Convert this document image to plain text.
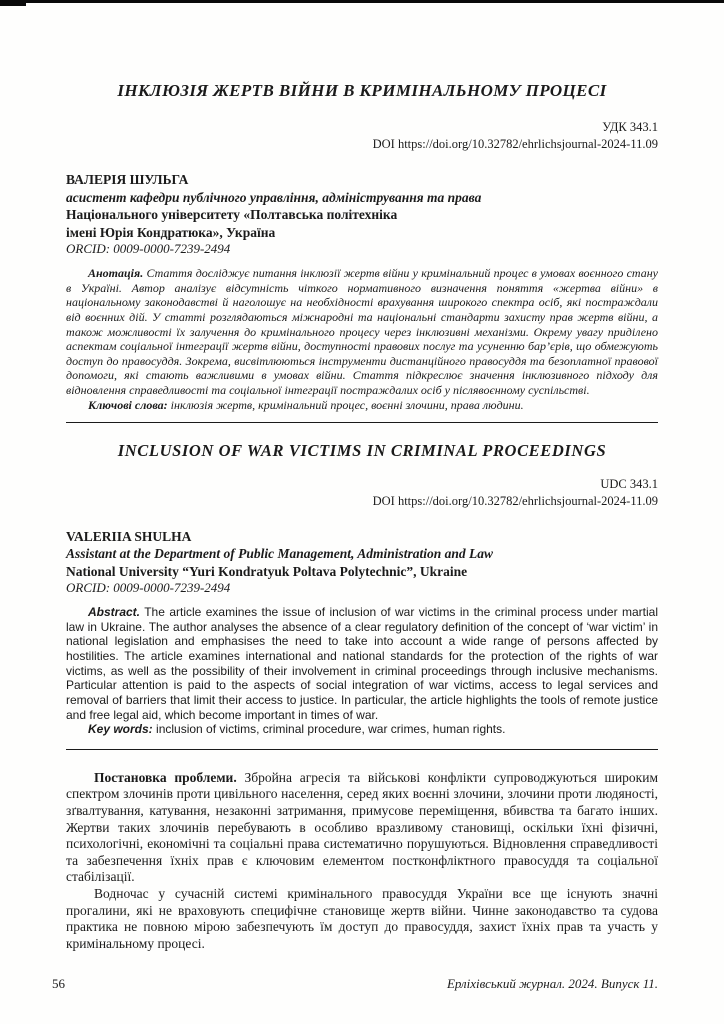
ІНКЛЮЗІЯ ЖЕРТВ ВІЙНИ В КРИМІНАЛЬНОМУ ПРОЦЕСІ
УДК 343.1
DOI https://doi.org/10.32782/ehrlichsjournal-2024-11.09
ВАЛЕРІЯ ШУЛЬГА
асистент кафедри публічного управління, адміністрування та права
Національного університету «Полтавська політехніка
імені Юрія Кондратюка», Україна
ORCID: 0009-0000-7239-2494

Анотація. Стаття досліджує питання інклюзії жертв війни у кримінальний процес в умовах воєнного стану в Україні. Автор аналізує відсутність чіткого нормативного визначення поняття «жертва війни» в національному законодавстві й наголошує на необхідності врахування широкого спектра осіб, які постраждали від воєнних дій. У статті розглядаються міжнародні та національні стандарти захисту прав жертв війни, а також можливості їх залучення до кримінального процесу через інклюзивні механізми. Окрему увагу приділено аспектам соціальної інтеграції жертв війни, доступності правових послуг та усуненню бар’єрів, що обмежують доступ до правосуддя. Зокрема, висвітлюються інструменти дистанційного правосуддя та безоплатної правової допомоги, які стають важливими в умовах війни. Стаття підкреслює значення інклюзивного підходу для відновлення справедливості та соціальної інтеграції постраждалих осіб у післявоєнному суспільстві.

Ключові слова: інклюзія жертв, кримінальний процес, воєнні злочини, права людини.

INCLUSION OF WAR VICTIMS IN CRIMINAL PROCEEDINGS
UDC 343.1
DOI https://doi.org/10.32782/ehrlichsjournal-2024-11.09
VALERIIA SHULHA
Assistant at the Department of Public Management, Administration and Law
National University “Yuri Kondratyuk Poltava Polytechnic”, Ukraine
ORCID: 0009-0000-7239-2494

Abstract. The article examines the issue of inclusion of war victims in the criminal process under martial law in Ukraine. The author analyses the absence of a clear regulatory definition of the concept of ‘war victim’ in national legislation and emphasises the need to take into account a wide range of persons affected by hostilities. The article examines international and national standards for the protection of the rights of war victims, as well as the possibility of their involvement in criminal proceedings through inclusive mechanisms. Particular attention is paid to the aspects of social integration of war victims, access to legal services and removal of barriers that limit their access to justice. In particular, the article highlights the tools of remote justice and free legal aid, which become important in times of war.

Key words: inclusion of victims, criminal procedure, war crimes, human rights.

Постановка проблеми. Збройна агресія та військові конфлікти супроводжуються широким спектром злочинів проти цивільного населення, серед яких воєнні злочини, злочини проти людяності, зґвалтування, катування, незаконні затримання, примусове переміщення, вбивства та багато інших. Жертви таких злочинів перебувають в особливо вразливому становищі, оскільки їхні фізичні, психологічні, економічні та соціальні права систематично порушуються. Відновлення справедливості та забезпечення їхніх прав є ключовим елементом постконфліктного правосуддя та соціальної стабілізації.

Водночас у сучасній системі кримінального правосуддя України все ще існують значні прогалини, які не враховують специфічне становище жертв війни. Чинне законодавство та судова практика не повною мірою забезпечують їм доступ до правосуддя, захист їхніх прав та участь у кримінальному процесі.

56	Ерліхівський журнал. 2024. Випуск 11.
